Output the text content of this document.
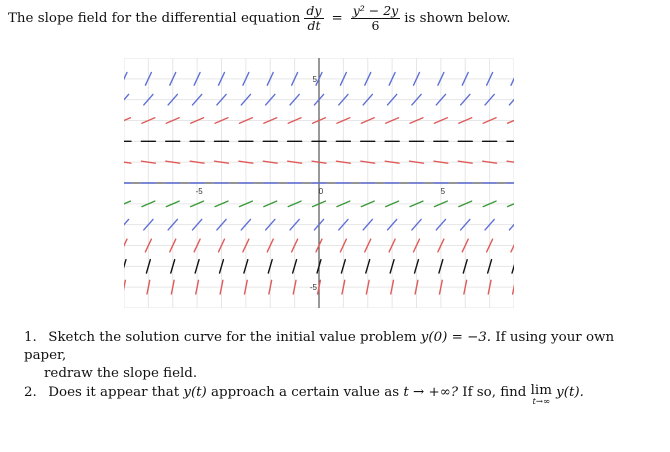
The slope field for the differential equation $\frac{dy}{dt} = \frac{\text{y² − 2y}}{6}$ is shown below.
-5	0	5
5
-5
1. Sketch the solution curve for the initial value problem y(0) = −3. If using your own paper,
redraw the slope field.
2. Does it appear that y(t) approach a certain value as t → +∞? If so, find lim
t→∞
y(t).
